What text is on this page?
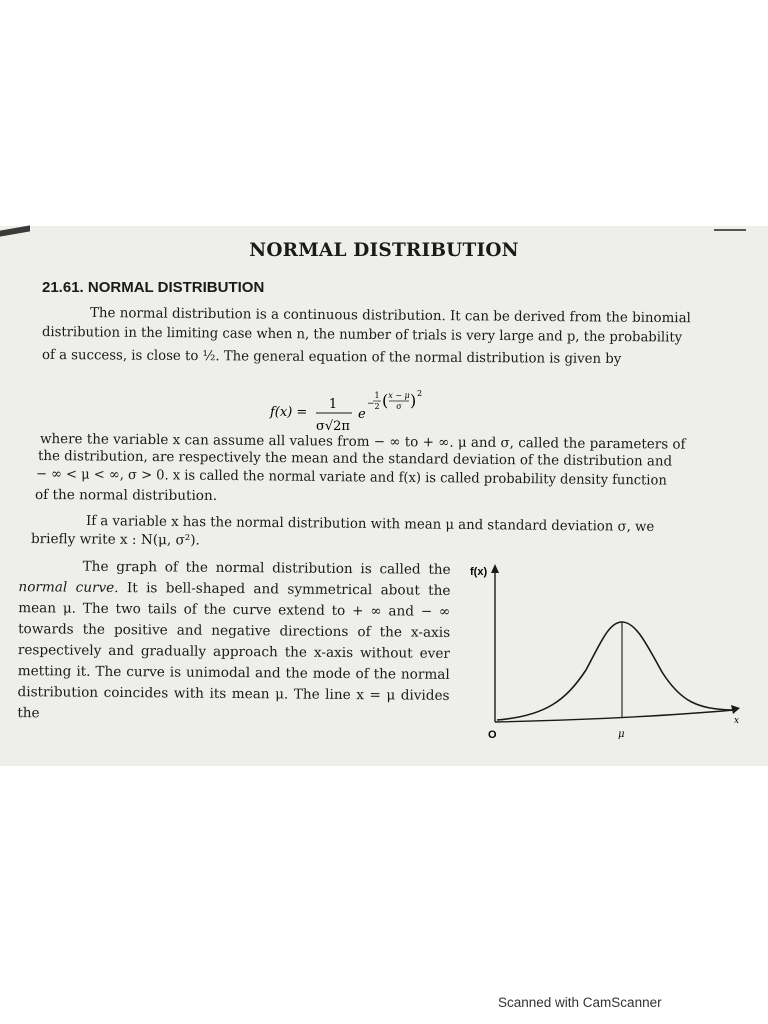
NORMAL DISTRIBUTION
21.61. NORMAL DISTRIBUTION
The normal distribution is a continuous distribution. It can be derived from the binomial
distribution in the limiting case when n, the number of trials is very large and p, the probability
of a success, is close to ½. The general equation of the normal distribution is given by
f(x) =
1
σ√2π
e
−
1
2 ( x − μ
σ ) 2
where the variable x can assume all values from − ∞ to + ∞. μ and σ, called the parameters of
the distribution, are respectively the mean and the standard deviation of the distribution and
− ∞ < μ < ∞, σ > 0. x is called the normal variate and f(x) is called probability density function
of the normal distribution.
If a variable x has the normal distribution with mean μ and standard deviation σ, we
briefly write x : N(μ, σ²).
The graph of the normal distribution is called the normal curve. It is bell-shaped and symmetrical about the mean μ. The two tails of the curve extend to + ∞ and − ∞ towards the positive and negative directions of the x-axis respectively and gradually approach the x-axis without ever metting it. The curve is unimodal and the mode of the normal distribution coincides with its mean μ. The line x = μ divides the
f(x)
O	μ
x
Scanned with CamScanner
